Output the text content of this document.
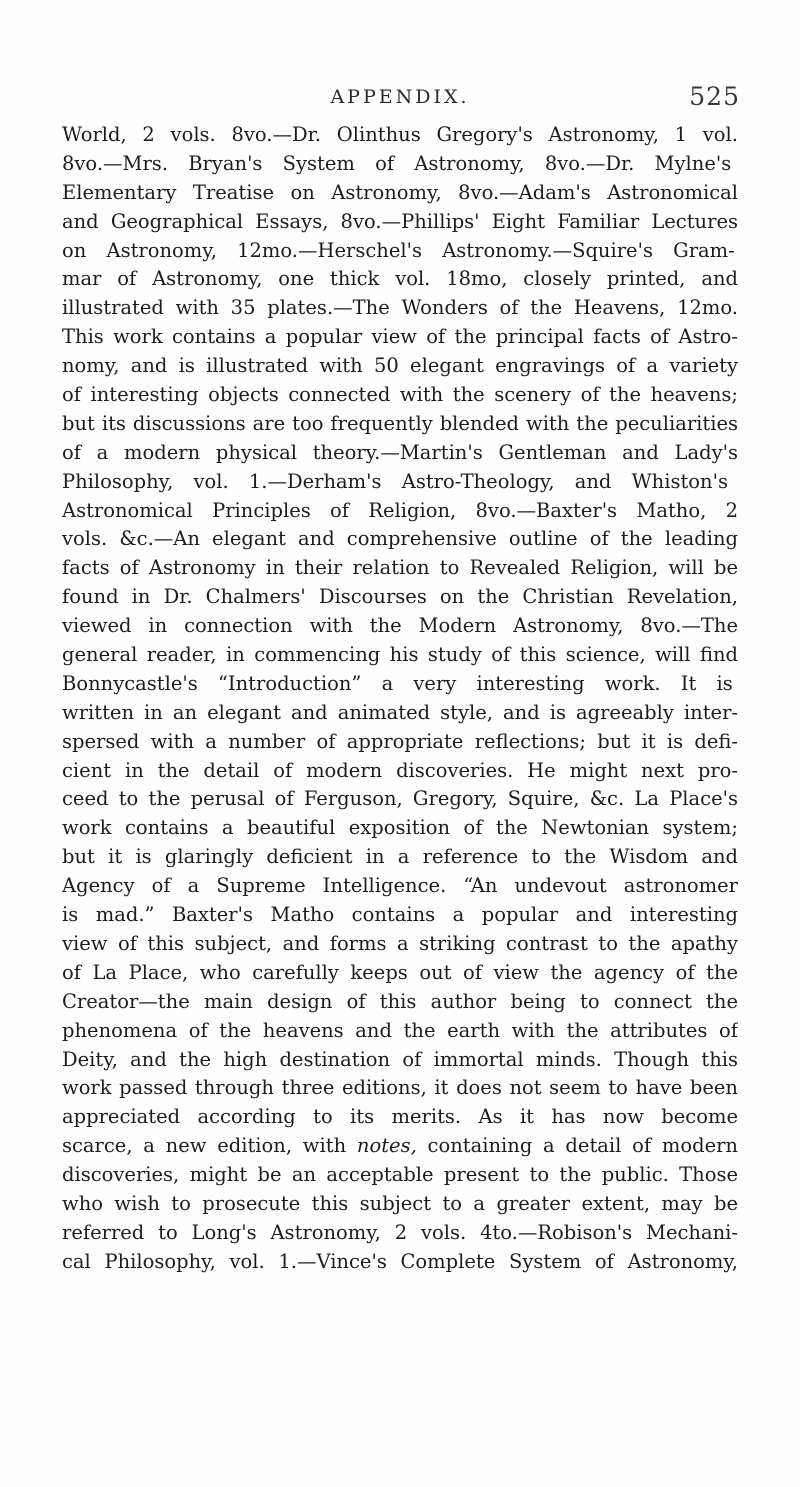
APPENDIX.	525
World, 2 vols. 8vo.—Dr. Olinthus Gregory's Astronomy, 1 vol.
8vo.—Mrs. Bryan's System of Astronomy, 8vo.—Dr. Mylne's
Elementary Treatise on Astronomy, 8vo.—Adam's Astronomical
and Geographical Essays, 8vo.—Phillips' Eight Familiar Lectures
on Astronomy, 12mo.—Herschel's Astronomy.—Squire's Gram-
mar of Astronomy, one thick vol. 18mo, closely printed, and
illustrated with 35 plates.—The Wonders of the Heavens, 12mo.
This work contains a popular view of the principal facts of Astro-
nomy, and is illustrated with 50 elegant engravings of a variety
of interesting objects connected with the scenery of the heavens;
but its discussions are too frequently blended with the peculiarities
of a modern physical theory.—Martin's Gentleman and Lady's
Philosophy, vol. 1.—Derham's Astro-Theology, and Whiston's
Astronomical Principles of Religion, 8vo.—Baxter's Matho, 2
vols. &c.—An elegant and comprehensive outline of the leading
facts of Astronomy in their relation to Revealed Religion, will be
found in Dr. Chalmers' Discourses on the Christian Revelation,
viewed in connection with the Modern Astronomy, 8vo.—The
general reader, in commencing his study of this science, will find
Bonnycastle's “Introduction” a very interesting work. It is
written in an elegant and animated style, and is agreeably inter-
spersed with a number of appropriate reflections; but it is defi-
cient in the detail of modern discoveries. He might next pro-
ceed to the perusal of Ferguson, Gregory, Squire, &c. La Place's
work contains a beautiful exposition of the Newtonian system;
but it is glaringly deficient in a reference to the Wisdom and
Agency of a Supreme Intelligence. “An undevout astronomer
is mad.” Baxter's Matho contains a popular and interesting
view of this subject, and forms a striking contrast to the apathy
of La Place, who carefully keeps out of view the agency of the
Creator—the main design of this author being to connect the
phenomena of the heavens and the earth with the attributes of
Deity, and the high destination of immortal minds. Though this
work passed through three editions, it does not seem to have been
appreciated according to its merits. As it has now become
scarce, a new edition, with notes, containing a detail of modern
discoveries, might be an acceptable present to the public. Those
who wish to prosecute this subject to a greater extent, may be
referred to Long's Astronomy, 2 vols. 4to.—Robison's Mechani-
cal Philosophy, vol. 1.—Vince's Complete System of Astronomy,
